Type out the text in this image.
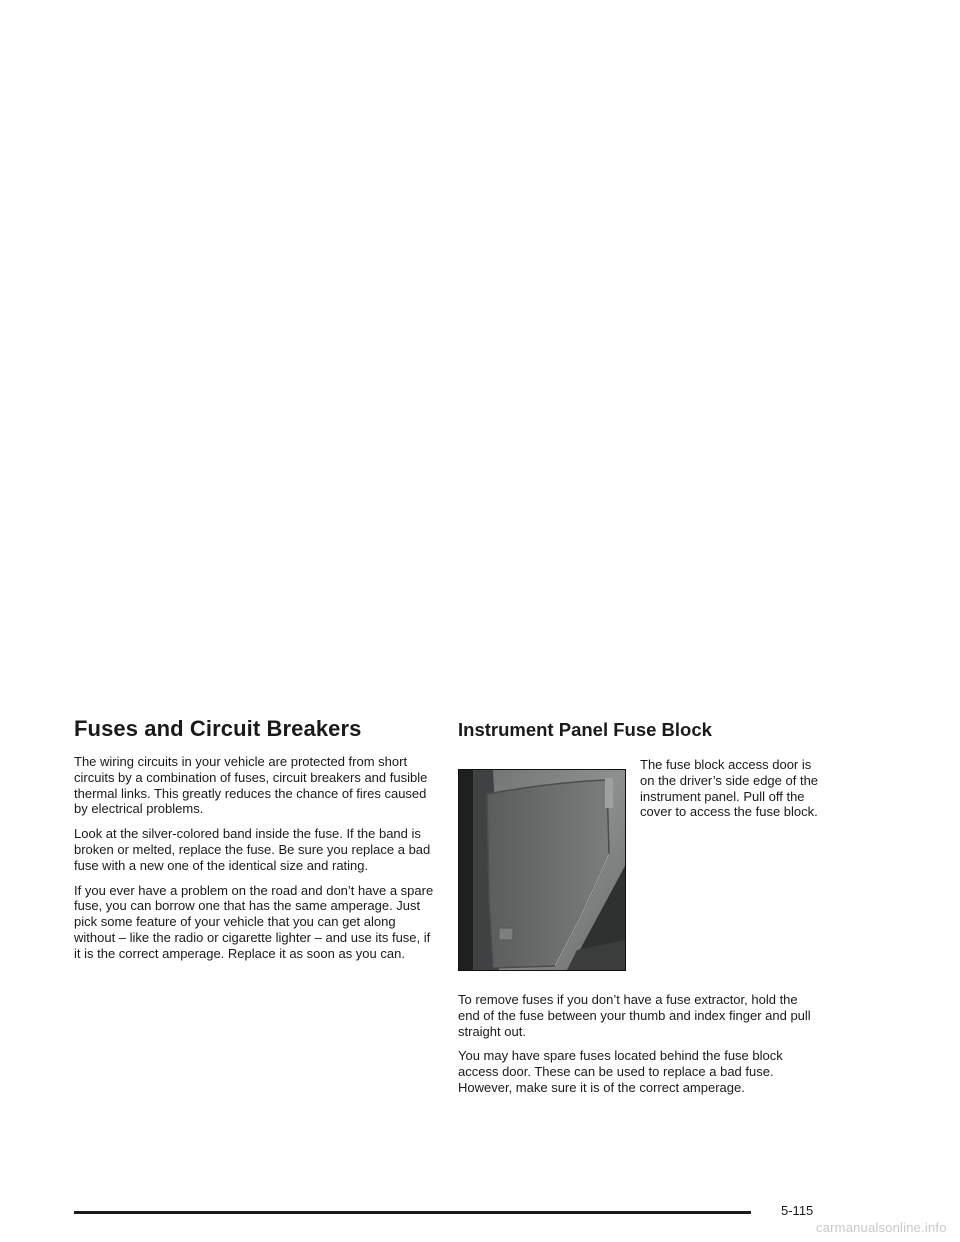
Fuses and Circuit Breakers

The wiring circuits in your vehicle are protected from short circuits by a combination of fuses, circuit breakers and fusible thermal links. This greatly reduces the chance of fires caused by electrical problems.

Look at the silver-colored band inside the fuse. If the band is broken or melted, replace the fuse. Be sure you replace a bad fuse with a new one of the identical size and rating.

If you ever have a problem on the road and don’t have a spare fuse, you can borrow one that has the same amperage. Just pick some feature of your vehicle that you can get along without – like the radio or cigarette lighter – and use its fuse, if it is the correct amperage. Replace it as soon as you can.

Instrument Panel Fuse Block

The fuse block access door is on the driver’s side edge of the instrument panel. Pull off the cover to access the fuse block.

To remove fuses if you don’t have a fuse extractor, hold the end of the fuse between your thumb and index finger and pull straight out.

You may have spare fuses located behind the fuse block access door. These can be used to replace a bad fuse. However, make sure it is of the correct amperage.

5-115
carmanualsonline.info
